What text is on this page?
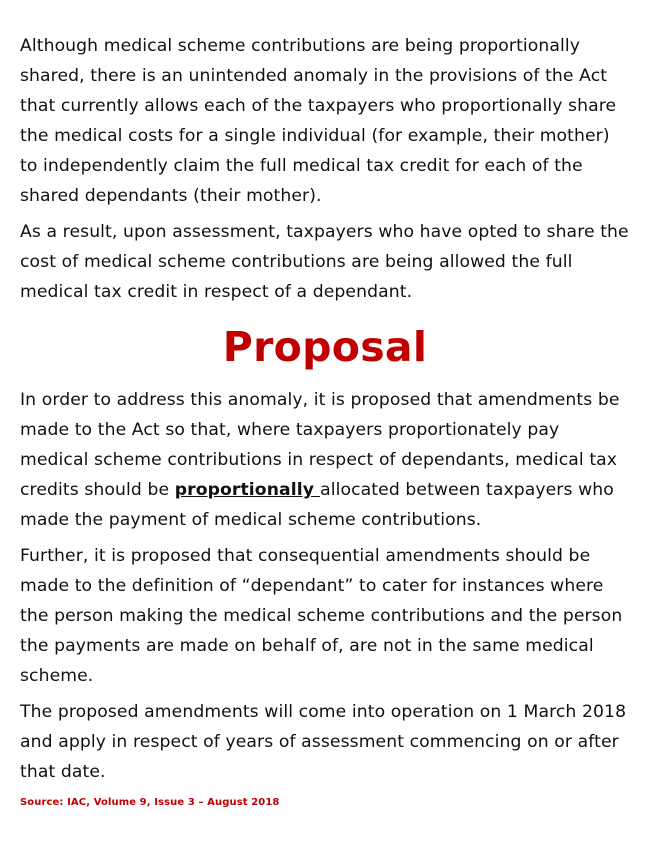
Although medical scheme contributions are being proportionally shared, there is an unintended anomaly in the provisions of the Act that currently allows each of the taxpayers who proportionally share the medical costs for a single individual (for example, their mother) to independently claim the full medical tax credit for each of the shared dependants (their mother).

As a result, upon assessment, taxpayers who have opted to share the cost of medical scheme contributions are being allowed the full medical tax credit in respect of a dependant.

Proposal

In order to address this anomaly, it is proposed that amendments be made to the Act so that, where taxpayers proportionately pay medical scheme contributions in respect of dependants, medical tax credits should be proportionally allocated between taxpayers who made the payment of medical scheme contributions.

Further, it is proposed that consequential amendments should be made to the definition of “dependant” to cater for instances where the person making the medical scheme contributions and the person the payments are made on behalf of, are not in the same medical scheme.

The proposed amendments will come into operation on 1 March 2018 and apply in respect of years of assessment commencing on or after that date.

Source: IAC, Volume 9, Issue 3 – August 2018
